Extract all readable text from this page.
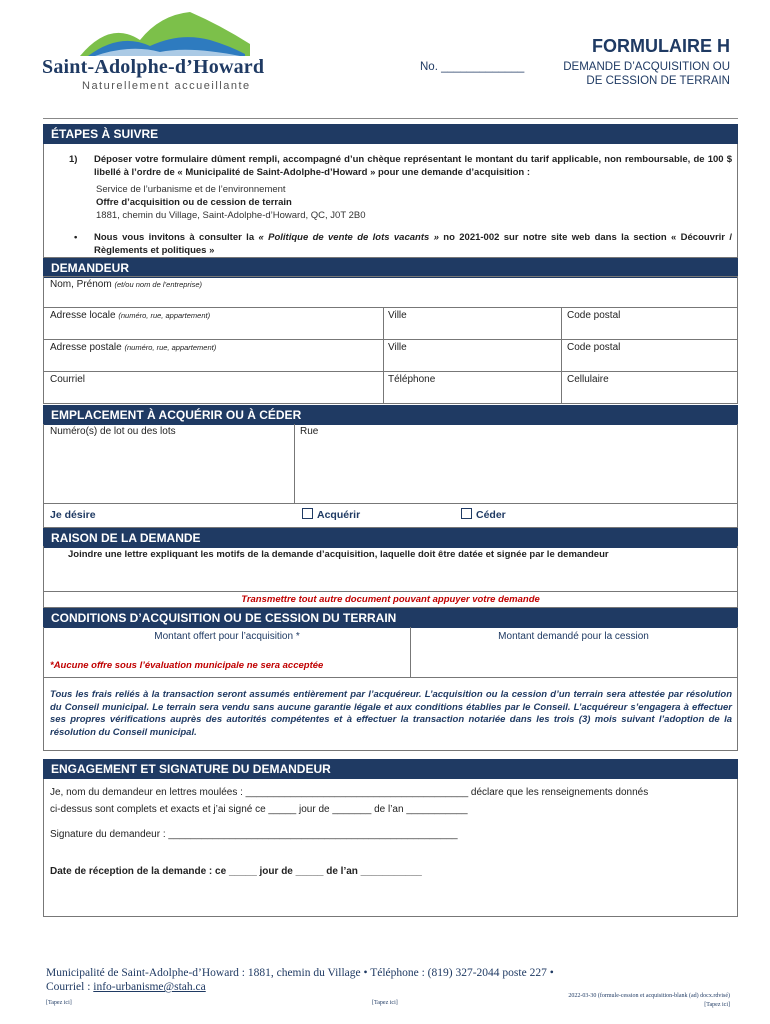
Saint-Adolphe-d’Howard
Naturellement accueillante
FORMULAIRE H
No. _____________	DEMANDE D’ACQUISITION OU
DE CESSION DE TERRAIN
ÉTAPES À SUIVRE
1)	Déposer votre formulaire dûment rempli, accompagné d’un chèque représentant le montant du tarif applicable, non remboursable, de 100 $ libellé à l’ordre de « Municipalité de Saint-Adolphe-d’Howard » pour une demande d’acquisition :
Service de l’urbanisme et de l’environnement
Offre d’acquisition ou de cession de terrain
1881, chemin du Village, Saint-Adolphe-d’Howard, QC, J0T 2B0
• Nous vous invitons à consulter la « Politique de vente de lots vacants » no 2021-002 sur notre site web dans la section « Découvrir / Règlements et politiques »
DEMANDEUR
Nom, Prénom (et/ou nom de l’entreprise)
Adresse locale (numéro, rue, appartement)	Ville	Code postal
Adresse postale (numéro, rue, appartement)	Ville	Code postal
Courriel	Téléphone	Cellulaire
EMPLACEMENT À ACQUÉRIR OU À CÉDER
Numéro(s) de lot ou des lots	Rue
Je désire	Acquérir	Céder
RAISON DE LA DEMANDE
Joindre une lettre expliquant les motifs de la demande d’acquisition, laquelle doit être datée et signée par le demandeur
Transmettre tout autre document pouvant appuyer votre demande
CONDITIONS D’ACQUISITION OU DE CESSION DU TERRAIN
Montant offert pour l’acquisition *	Montant demandé pour la cession
*Aucune offre sous l’évaluation municipale ne sera acceptée
Tous les frais reliés à la transaction seront assumés entièrement par l’acquéreur. L’acquisition ou la cession d’un terrain sera attestée par résolution du Conseil municipal. Le terrain sera vendu sans aucune garantie légale et aux conditions établies par le Conseil. L’acquéreur s’engagera à effectuer ses propres vérifications auprès des autorités compétentes et à effectuer la transaction notariée dans les trois (3) mois suivant l’adoption de la résolution du Conseil municipal.
ENGAGEMENT ET SIGNATURE DU DEMANDEUR
Je, nom du demandeur en lettres moulées : ________________________________________ déclare que les renseignements donnés
ci-dessus sont complets et exacts et j’ai signé ce _____ jour de _______ de l’an ___________
Signature du demandeur : ____________________________________________________
Date de réception de la demande : ce _____ jour de _____ de l’an ___________
Municipalité de Saint-Adolphe-d’Howard : 1881, chemin du Village • Téléphone : (819) 327-2044 poste 227 •
Courriel : info-urbanisme@stah.ca
2022-03-30 (formule-cession et acquisition-blank (ad) docx.rdvisé)
[Tapez ici]	[Tapez ici]	[Tapez ici]
